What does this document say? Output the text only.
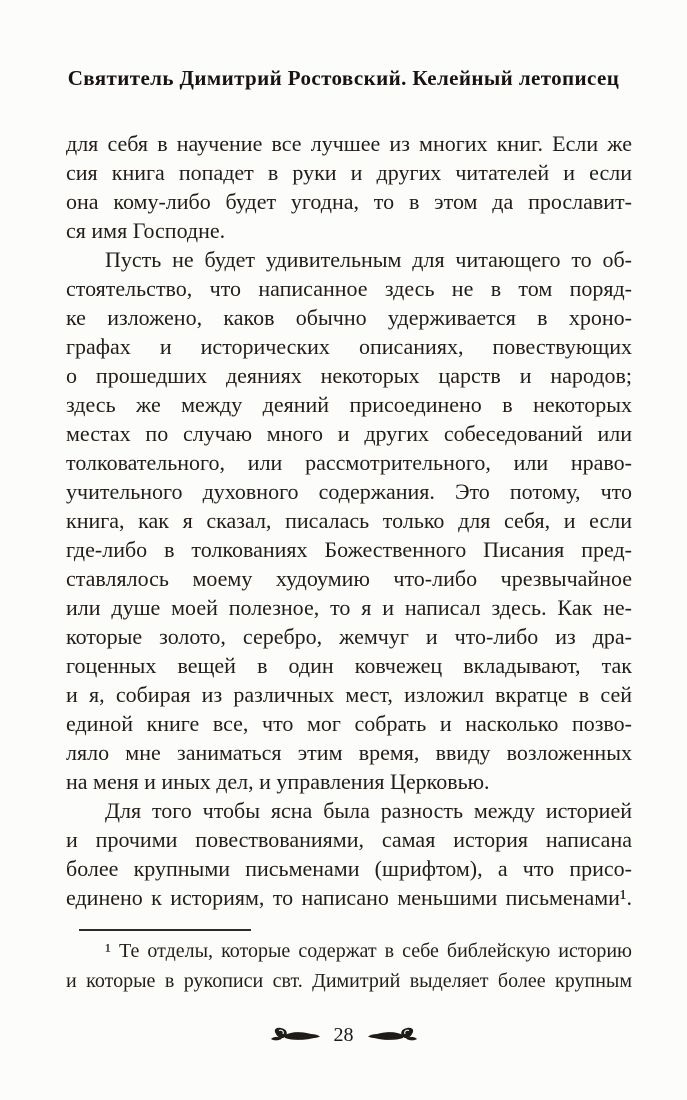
Святитель Димитрий Ростовский. Келейный летописец
для себя в научение все лучшее из многих книг. Если же
сия книга попадет в руки и других читателей и если
она кому-либо будет угодна, то в этом да прославит-
ся имя Господне.
Пусть не будет удивительным для читающего то об-
стоятельство, что написанное здесь не в том поряд-
ке изложено, каков обычно удерживается в хроно-
графах и исторических описаниях, повествующих
о прошедших деяниях некоторых царств и народов;
здесь же между деяний присоединено в некоторых
местах по случаю много и других собеседований или
толковательного, или рассмотрительного, или нраво-
учительного духовного содержания. Это потому, что
книга, как я сказал, писалась только для себя, и если
где-либо в толкованиях Божественного Писания пред-
ставлялось моему худоумию что-либо чрезвычайное
или душе моей полезное, то я и написал здесь. Как не-
которые золото, серебро, жемчуг и что-либо из дра-
гоценных вещей в один ковчежец вкладывают, так
и я, собирая из различных мест, изложил вкратце в сей
единой книге все, что мог собрать и насколько позво-
ляло мне заниматься этим время, ввиду возложенных
на меня и иных дел, и управления Церковью.
Для того чтобы ясна была разность между историей
и прочими повествованиями, самая история написана
более крупными письменами (шрифтом), а что присо-
единено к историям, то написано меньшими письменами¹.
¹ Те отделы, которые содержат в себе библейскую историю
и которые в рукописи свт. Димитрий выделяет более крупным
28
